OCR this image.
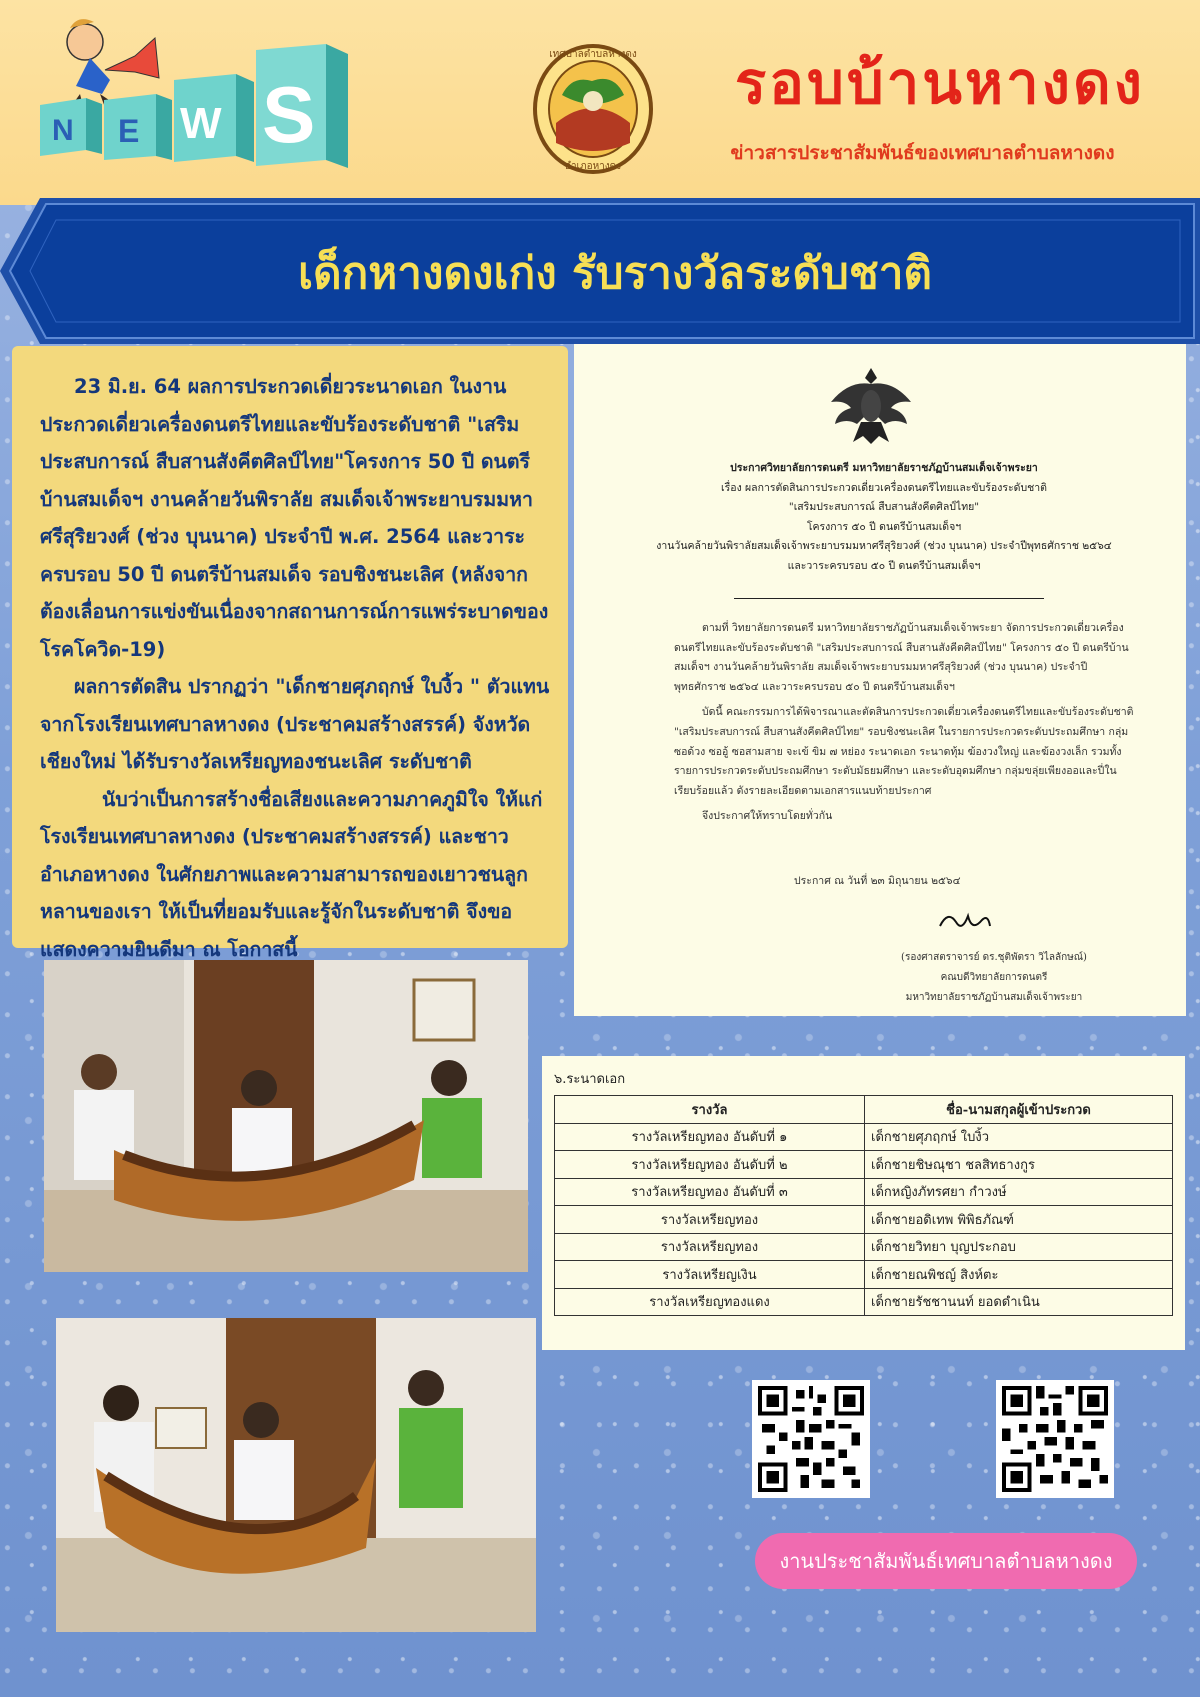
N E W S
เทศบาลตำบลหางดง
อำเภอหางดง
รอบบ้านหางดง
ข่าวสารประชาสัมพันธ์ของเทศบาลตำบลหางดง
เด็กหางดงเก่ง รับรางวัลระดับชาติ

23 มิ.ย. 64 ผลการประกวดเดี่ยวระนาดเอก ในงานประกวดเดี่ยวเครื่องดนตรีไทยและขับร้องระดับชาติ "เสริมประสบการณ์ สืบสานสังคีตศิลป์ไทย"โครงการ 50 ปี ดนตรีบ้านสมเด็จฯ งานคล้ายวันพิราลัย สมเด็จเจ้าพระยาบรมมหาศรีสุริยวงศ์ (ช่วง บุนนาค) ประจำปี พ.ศ. 2564 และวาระครบรอบ 50 ปี ดนตรีบ้านสมเด็จ รอบชิงชนะเลิศ (หลังจากต้องเลื่อนการแข่งขันเนื่องจากสถานการณ์การแพร่ระบาดของโรคโควิด-19)

ผลการตัดสิน ปรากฏว่า "เด็กชายศุภฤกษ์ ใบงิ้ว " ตัวแทนจากโรงเรียนเทศบาลหางดง (ประชาคมสร้างสรรค์) จังหวัดเชียงใหม่ ได้รับรางวัลเหรียญทองชนะเลิศ ระดับชาติ

นับว่าเป็นการสร้างชื่อเสียงและความภาคภูมิใจ ให้แก่โรงเรียนเทศบาลหางดง (ประชาคมสร้างสรรค์) และชาวอำเภอหางดง ในศักยภาพและความสามารถของเยาวชนลูกหลานของเรา ให้เป็นที่ยอมรับและรู้จักในระดับชาติ จึงขอแสดงความยินดีมา ณ โอกาสนี้

ประกาศวิทยาลัยการดนตรี มหาวิทยาลัยราชภัฏบ้านสมเด็จเจ้าพระยา
เรื่อง ผลการตัดสินการประกวดเดี่ยวเครื่องดนตรีไทยและขับร้องระดับชาติ
"เสริมประสบการณ์ สืบสานสังคีตศิลป์ไทย"
โครงการ ๕๐ ปี ดนตรีบ้านสมเด็จฯ
งานวันคล้ายวันพิราลัยสมเด็จเจ้าพระยาบรมมหาศรีสุริยวงศ์ (ช่วง บุนนาค) ประจำปีพุทธศักราช ๒๕๖๔
และวาระครบรอบ ๕๐ ปี ดนตรีบ้านสมเด็จฯ

ตามที่ วิทยาลัยการดนตรี มหาวิทยาลัยราชภัฏบ้านสมเด็จเจ้าพระยา จัดการประกวดเดี่ยวเครื่องดนตรีไทยและขับร้องระดับชาติ "เสริมประสบการณ์ สืบสานสังคีตศิลป์ไทย" โครงการ ๕๐ ปี ดนตรีบ้านสมเด็จฯ งานวันคล้ายวันพิราลัย สมเด็จเจ้าพระยาบรมมหาศรีสุริยวงศ์ (ช่วง บุนนาค) ประจำปีพุทธศักราช ๒๕๖๔ และวาระครบรอบ ๕๐ ปี ดนตรีบ้านสมเด็จฯ

บัดนี้ คณะกรรมการได้พิจารณาและตัดสินการประกวดเดี่ยวเครื่องดนตรีไทยและขับร้องระดับชาติ "เสริมประสบการณ์ สืบสานสังคีตศิลป์ไทย" รอบชิงชนะเลิศ ในรายการประกวดระดับประถมศึกษา กลุ่มซอด้วง ซออู้ ซอสามสาย จะเข้ ขิม ๗ หย่อง ระนาดเอก ระนาดทุ้ม ฆ้องวงใหญ่ และฆ้องวงเล็ก รวมทั้งรายการประกวดระดับประถมศึกษา ระดับมัธยมศึกษา และระดับอุดมศึกษา กลุ่มขลุ่ยเพียงออและปี่ใน เรียบร้อยแล้ว ดังรายละเอียดตามเอกสารแนบท้ายประกาศ

จึงประกาศให้ทราบโดยทั่วกัน

ประกาศ ณ วันที่ ๒๓ มิถุนายน ๒๕๖๔
(รองศาสตราจารย์ ดร.ชุติพัตรา วิไลลักษณ์)
คณบดีวิทยาลัยการดนตรี
มหาวิทยาลัยราชภัฏบ้านสมเด็จเจ้าพระยา
๖.ระนาดเอก
รางวัล	ชื่อ-นามสกุลผู้เข้าประกวด
รางวัลเหรียญทอง อันดับที่ ๑	เด็กชายศุภฤกษ์ ใบงิ้ว
รางวัลเหรียญทอง อันดับที่ ๒	เด็กชายชิษณุชา ชลสิทธางกูร
รางวัลเหรียญทอง อันดับที่ ๓	เด็กหญิงภัทรศยา กำวงษ์
รางวัลเหรียญทอง	เด็กชายอดิเทพ พิพิธภัณฑ์
รางวัลเหรียญทอง	เด็กชายวิทยา บุญประกอบ
รางวัลเหรียญเงิน	เด็กชายณพิชญ์ สิงห์ตะ
รางวัลเหรียญทองแดง	เด็กชายรัชชานนท์ ยอดดำเนิน
งานประชาสัมพันธ์เทศบาลตำบลหางดง
